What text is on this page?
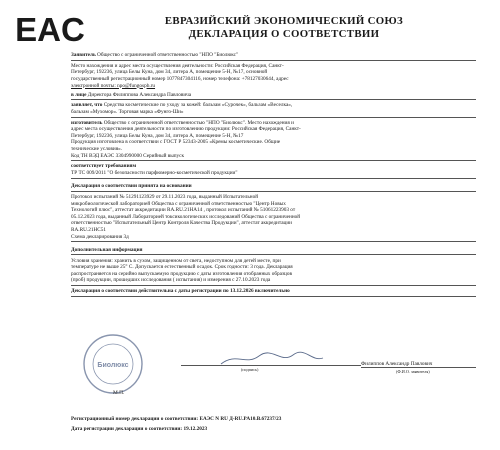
EAC	ЕВРАЗИЙСКИЙ ЭКОНОМИЧЕСКИЙ СОЮЗ
ДЕКЛАРАЦИЯ О СООТВЕТСТВИИ

Заявитель Общество с ограниченной ответственностью "НПО "Биолюкс"

Место нахождения и адрес места осуществления деятельности: Российская Федерация, Санкт-

Петербург, 192236, улица Белы Куна, дом 34, литера А, помещение 5-Н, №17, основной

государственный регистрационный номер 1077847304116, номер телефона: +78127030644, адрес

электронной почты: npo@fungospb.ru

в лице Директора Филиппова Александра Павловича

заявляет, что Средства косметические по уходу за кожей: бальзам «Сурочек», бальзам «Веселка»,

бальзам «Мухомор». Торговая марка «Фунго-Ши»

изготовитель Общество с ограниченной ответственностью "НПО "Биолюкс". Место нахождения и

адрес места осуществления деятельности по изготовлению продукции: Российская Федерация, Санкт-

Петербург, 192236, улица Белы Куна, дом 34, литера А, помещение 5-Н, №17

Продукция изготовлена в соответствии с ГОСТ Р 52343-2005 «Кремы косметические. Общие

технические условия».

Код ТН ВЭД ЕАЭС 3304990000 Серийный выпуск

соответствует требованиям

ТР ТС 009/2011 "О безопасности парфюмерно-косметической продукции"

Декларация о соответствии принята на основании

Протокол испытаний № 51291123929 от 29.11.2023 года, выданный Испытательной

микробиологической лабораторией Общества с ограниченной ответственностью "Центр Новых

Технологий плюс", аттестат аккредитации RA.RU.21HA14 , протокол испытаний № 51061223903 от

05.12.2023 года, выданный Лабораторией токсикологических исследований Общества с ограниченной

ответственностью "Испытательный Центр Контроля Качества Продукции", аттестат аккредитации

RA.RU.21HC51

Схема декларирования 3д

Дополнительная информация

Условия хранения: хранить в сухом, защищенном от света, недоступном для детей месте, при

температуре не выше 25° С. Допускается естественный осадок. Срок годности: 3 года. Декларация

распространяется на серийно выпускаемую продукцию с даты изготовления отобранных образцов

(проб) продукции, прошедших исследования ( испытания) и измерения с 27.10.2023 года

Декларация о соответствии действительна с даты регистрации по 13.12.2026 включительно

Биолюкс
М.П.
(подпись)
Филиппов Александр Павлович
(Ф.И.О. заявителя)

Регистрационный номер декларации о соответствии: ЕАЭС N RU Д-RU.PA10.B.67237/23

Дата регистрации декларации о соответствии: 19.12.2023
